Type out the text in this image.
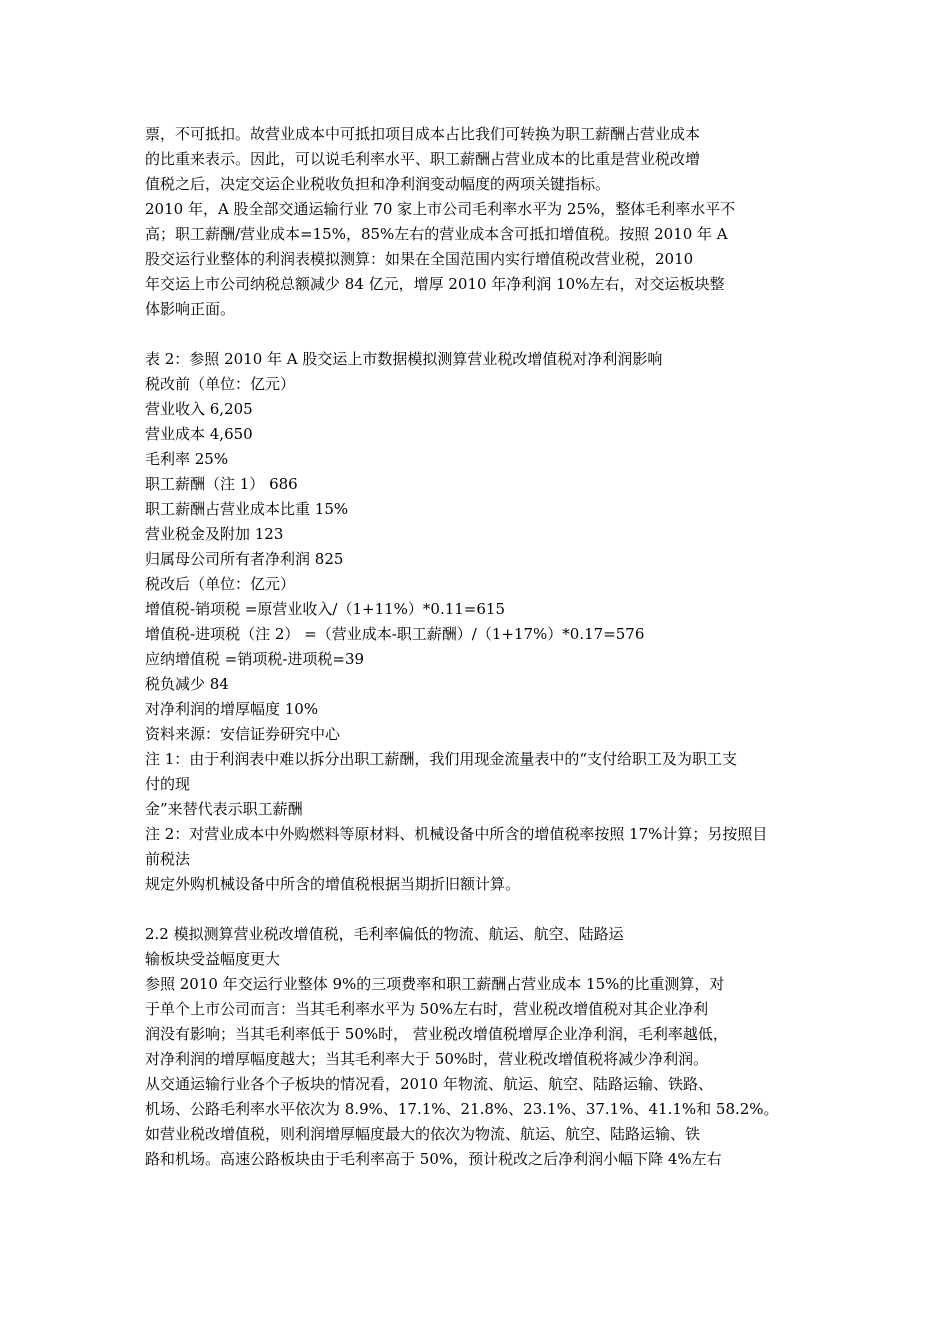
票，不可抵扣。故营业成本中可抵扣项目成本占比我们可转换为职工薪酬占营业成本
的比重来表示。因此，可以说毛利率水平、职工薪酬占营业成本的比重是营业税改增
值税之后，决定交运企业税收负担和净利润变动幅度的两项关键指标。
2010 年，A 股全部交通运输行业 70 家上市公司毛利率水平为 25%，整体毛利率水平不
高；职工薪酬/营业成本=15%，85%左右的营业成本含可抵扣增值税。按照 2010 年 A
股交运行业整体的利润表模拟测算：如果在全国范围内实行增值税改营业税，2010
年交运上市公司纳税总额减少 84 亿元，增厚 2010 年净利润 10%左右，对交运板块整
体影响正面。
表 2：参照 2010 年 A 股交运上市数据模拟测算营业税改增值税对净利润影响
税改前（单位：亿元）
营业收入 6,205
营业成本 4,650
毛利率 25%
职工薪酬（注 1） 686
职工薪酬占营业成本比重 15%
营业税金及附加 123
归属母公司所有者净利润 825
税改后（单位：亿元）
增值税-销项税 =原营业收入/（1+11%）*0.11=615
增值税-进项税（注 2） =（营业成本-职工薪酬）/（1+17%）*0.17=576
应纳增值税 =销项税-进项税=39
税负减少 84
对净利润的增厚幅度 10%
资料来源：安信证券研究中心
注 1：由于利润表中难以拆分出职工薪酬，我们用现金流量表中的“支付给职工及为职工支
付的现
金”来替代表示职工薪酬
注 2：对营业成本中外购燃料等原材料、机械设备中所含的增值税率按照 17%计算；另按照目
前税法
规定外购机械设备中所含的增值税根据当期折旧额计算。
2.2 模拟测算营业税改增值税，毛利率偏低的物流、航运、航空、陆路运
输板块受益幅度更大
参照 2010 年交运行业整体 9%的三项费率和职工薪酬占营业成本 15%的比重测算，对
于单个上市公司而言：当其毛利率水平为 50%左右时，营业税改增值税对其企业净利
润没有影响；当其毛利率低于 50%时， 营业税改增值税增厚企业净利润，毛利率越低，
对净利润的增厚幅度越大；当其毛利率大于 50%时，营业税改增值税将减少净利润。
从交通运输行业各个子板块的情况看，2010 年物流、航运、航空、陆路运输、铁路、
机场、公路毛利率水平依次为 8.9%、17.1%、21.8%、23.1%、37.1%、41.1%和 58.2%。
如营业税改增值税，则利润增厚幅度最大的依次为物流、航运、航空、陆路运输、铁
路和机场。高速公路板块由于毛利率高于 50%，预计税改之后净利润小幅下降 4%左右
